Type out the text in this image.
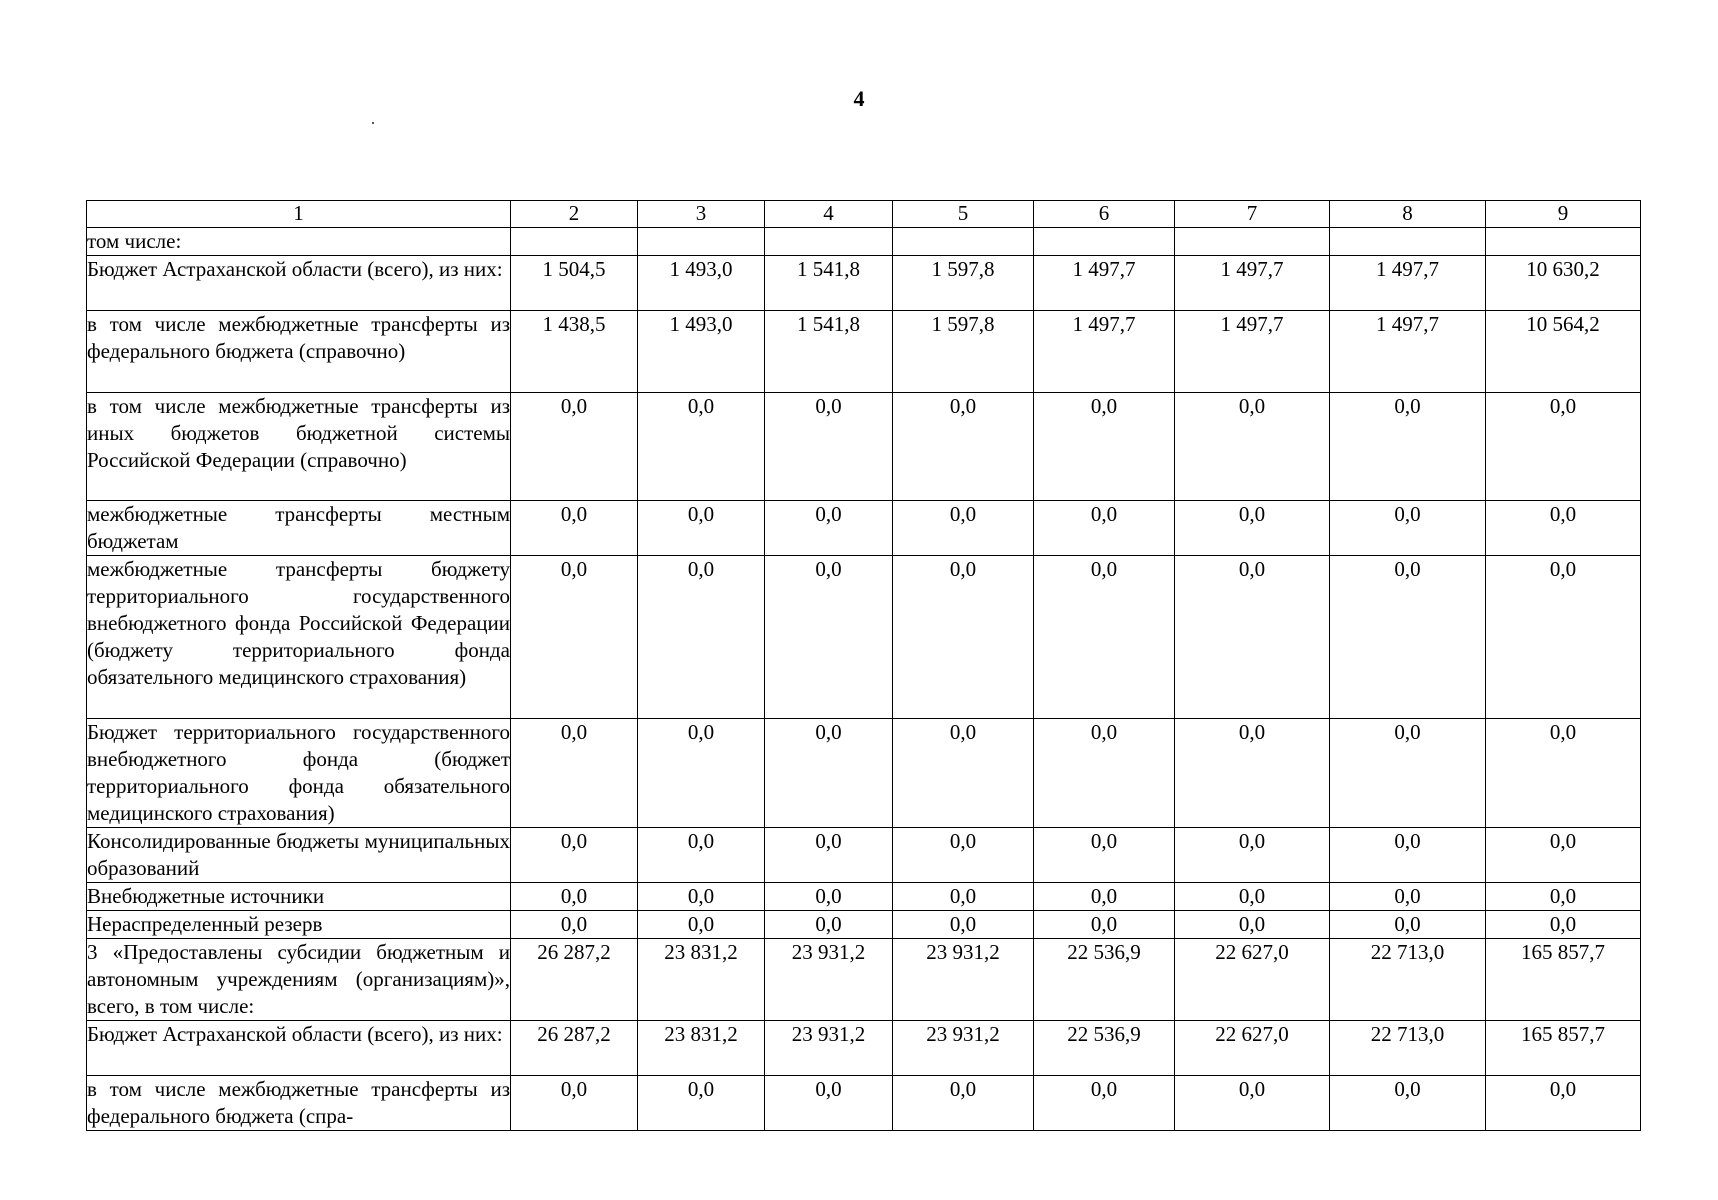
4
1	2	3	4	5	6	7	8	9
том числе:								
Бюджет Астраханской области (всего), из них:	1 504,5	1 493,0	1 541,8	1 597,8	1 497,7	1 497,7	1 497,7	10 630,2
в том числе межбюджетные трансферты из федерального бюджета (справочно)	1 438,5	1 493,0	1 541,8	1 597,8	1 497,7	1 497,7	1 497,7	10 564,2
в том числе межбюджетные трансферты из иных бюджетов бюджетной системы Российской Федерации (справочно)	0,0	0,0	0,0	0,0	0,0	0,0	0,0	0,0
межбюджетные трансферты местным бюджетам	0,0	0,0	0,0	0,0	0,0	0,0	0,0	0,0
межбюджетные трансферты бюджету территориального государственного внебюджетного фонда Российской Федерации (бюджету территориального фонда обязательного медицинского страхования)	0,0	0,0	0,0	0,0	0,0	0,0	0,0	0,0
Бюджет территориального государственного внебюджетного фонда (бюджет территориального фонда обязательного медицинского страхования)	0,0	0,0	0,0	0,0	0,0	0,0	0,0	0,0
Консолидированные бюджеты муниципальных образований	0,0	0,0	0,0	0,0	0,0	0,0	0,0	0,0
Внебюджетные источники	0,0	0,0	0,0	0,0	0,0	0,0	0,0	0,0
Нераспределенный резерв	0,0	0,0	0,0	0,0	0,0	0,0	0,0	0,0
3 «Предоставлены субсидии бюджетным и автономным учреждениям (организациям)», всего, в том числе:	26 287,2	23 831,2	23 931,2	23 931,2	22 536,9	22 627,0	22 713,0	165 857,7
Бюджет Астраханской области (всего), из них:	26 287,2	23 831,2	23 931,2	23 931,2	22 536,9	22 627,0	22 713,0	165 857,7
в том числе межбюджетные трансферты из федерального бюджета (спра-	0,0	0,0	0,0	0,0	0,0	0,0	0,0	0,0
